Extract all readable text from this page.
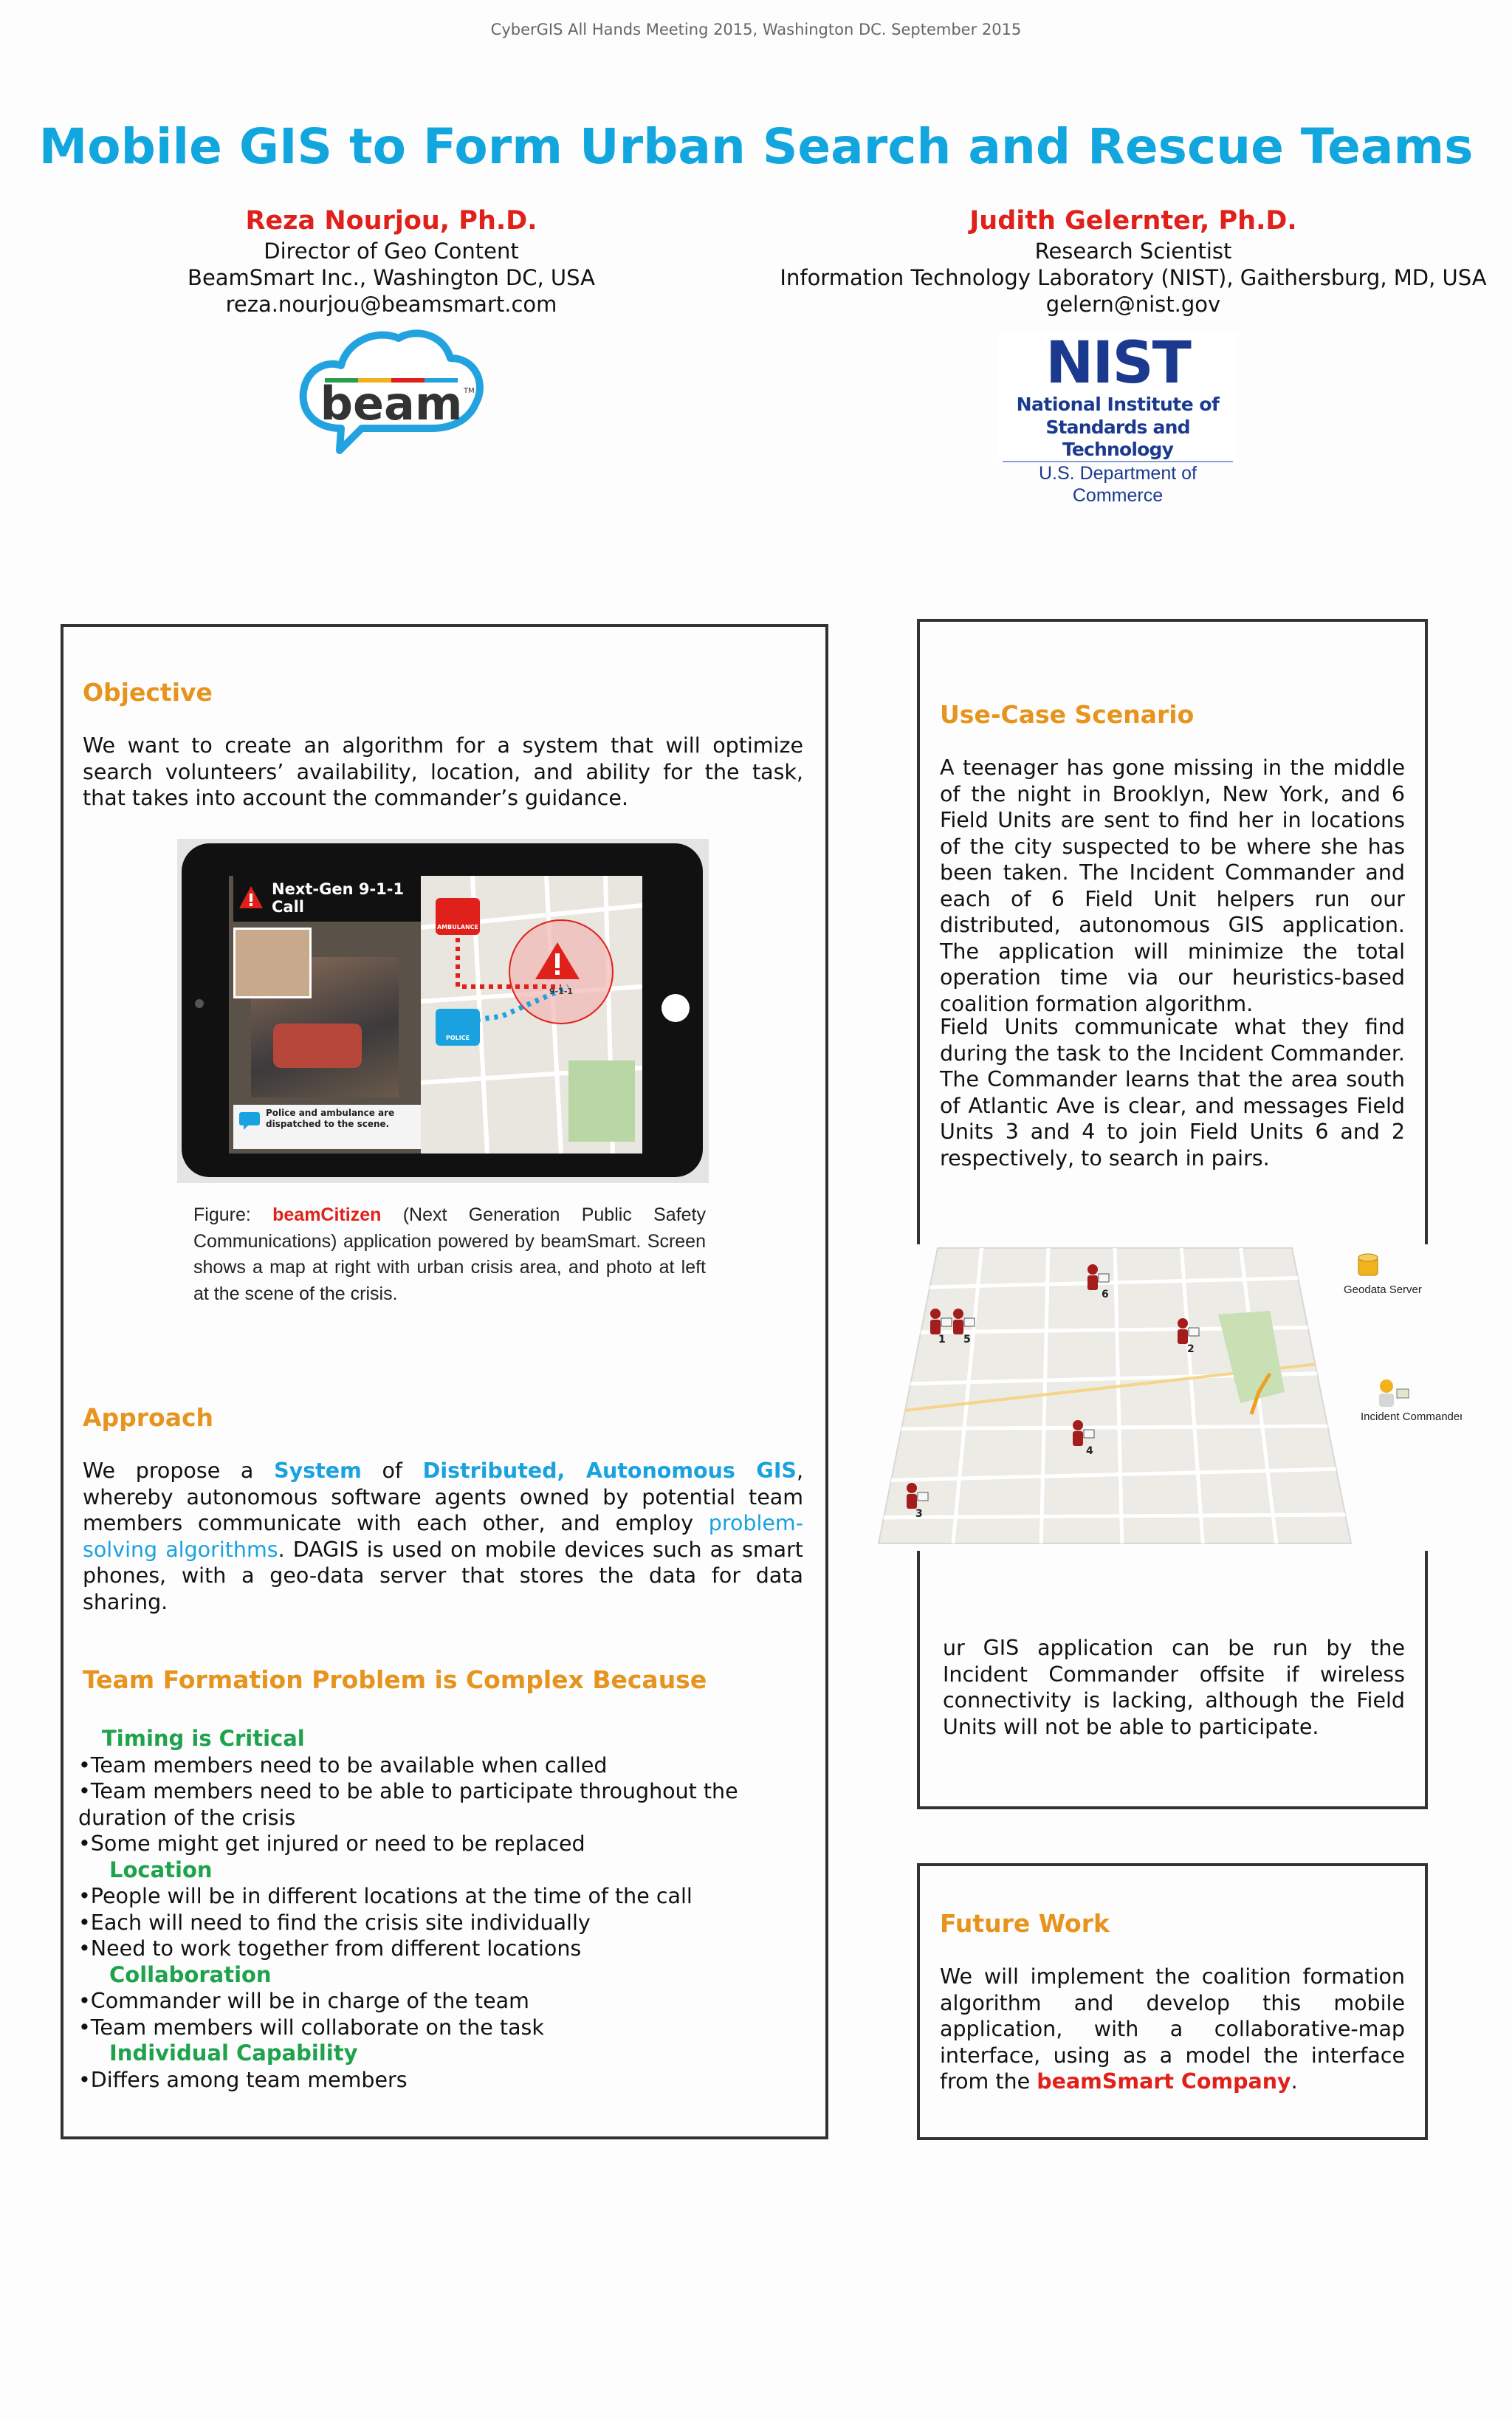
CyberGIS All Hands Meeting 2015, Washington DC. September 2015
Mobile GIS to Form Urban Search and Rescue Teams
Reza Nourjou, Ph.D.
Director of Geo Content
BeamSmart Inc., Washington DC, USA
reza.nourjou@beamsmart.com
Judith Gelernter, Ph.D.
Research Scientist
Information Technology Laboratory (NIST), Gaithersburg, MD, USA
gelern@nist.gov
beam TM	NIST
National Institute of
Standards and Technology
U.S. Department of Commerce
Objective
We want to create an algorithm for a system that will optimize search volunteers’ availability, location, and ability for the task, that takes into account the commander’s guidance.
Next-Gen 9-1-1 Call
Police and ambulance are dispatched to the scene.
AMBULANCE
POLICE
9-1-1
Figure: beamCitizen (Next Generation Public Safety Communications) application powered by beamSmart. Screen shows a map at right with urban crisis area, and photo at left at the scene of the crisis.
Approach
We propose a System of Distributed, Autonomous GIS, whereby autonomous software agents owned by potential team members communicate with each other, and employ problem-solving algorithms. DAGIS is used on mobile devices such as smart phones, with a geo-data server that stores the data for data sharing.
Team Formation Problem is Complex Because
Timing is Critical
•Team members need to be available when called
•Team members need to be able to participate throughout the duration of the crisis
•Some might get injured or need to be replaced
Location
•People will be in different locations at the time of the call
•Each will need to find the crisis site individually
•Need to work together from different locations
Collaboration
•Commander will be in charge of the team
•Team members will collaborate on the task
Individual Capability
•Differs among team members
Use-Case Scenario
A teenager has gone missing in the middle of the night in Brooklyn, New York, and 6 Field Units are sent to find her in locations of the city suspected to be where she has been taken. The Incident Commander and each of 6 Field Unit helpers run our distributed, autonomous GIS application. The application will minimize the total operation time via our heuristics-based coalition formation algorithm.
Field Units communicate what they find during the task to the Incident Commander. The Commander learns that the area south of Atlantic Ave is clear, and messages Field Units 3 and 4 to join Field Units 6 and 2 respectively, to search in pairs.
6
1 5
2
4
3
Geodata Server
Incident Commander
ur GIS application can be run by the Incident Commander offsite if wireless connectivity is lacking, although the Field Units will not be able to participate.
Future Work
We will implement the coalition formation algorithm and develop this mobile application, with a collaborative-map interface, using as a model the interface from the beamSmart Company.
